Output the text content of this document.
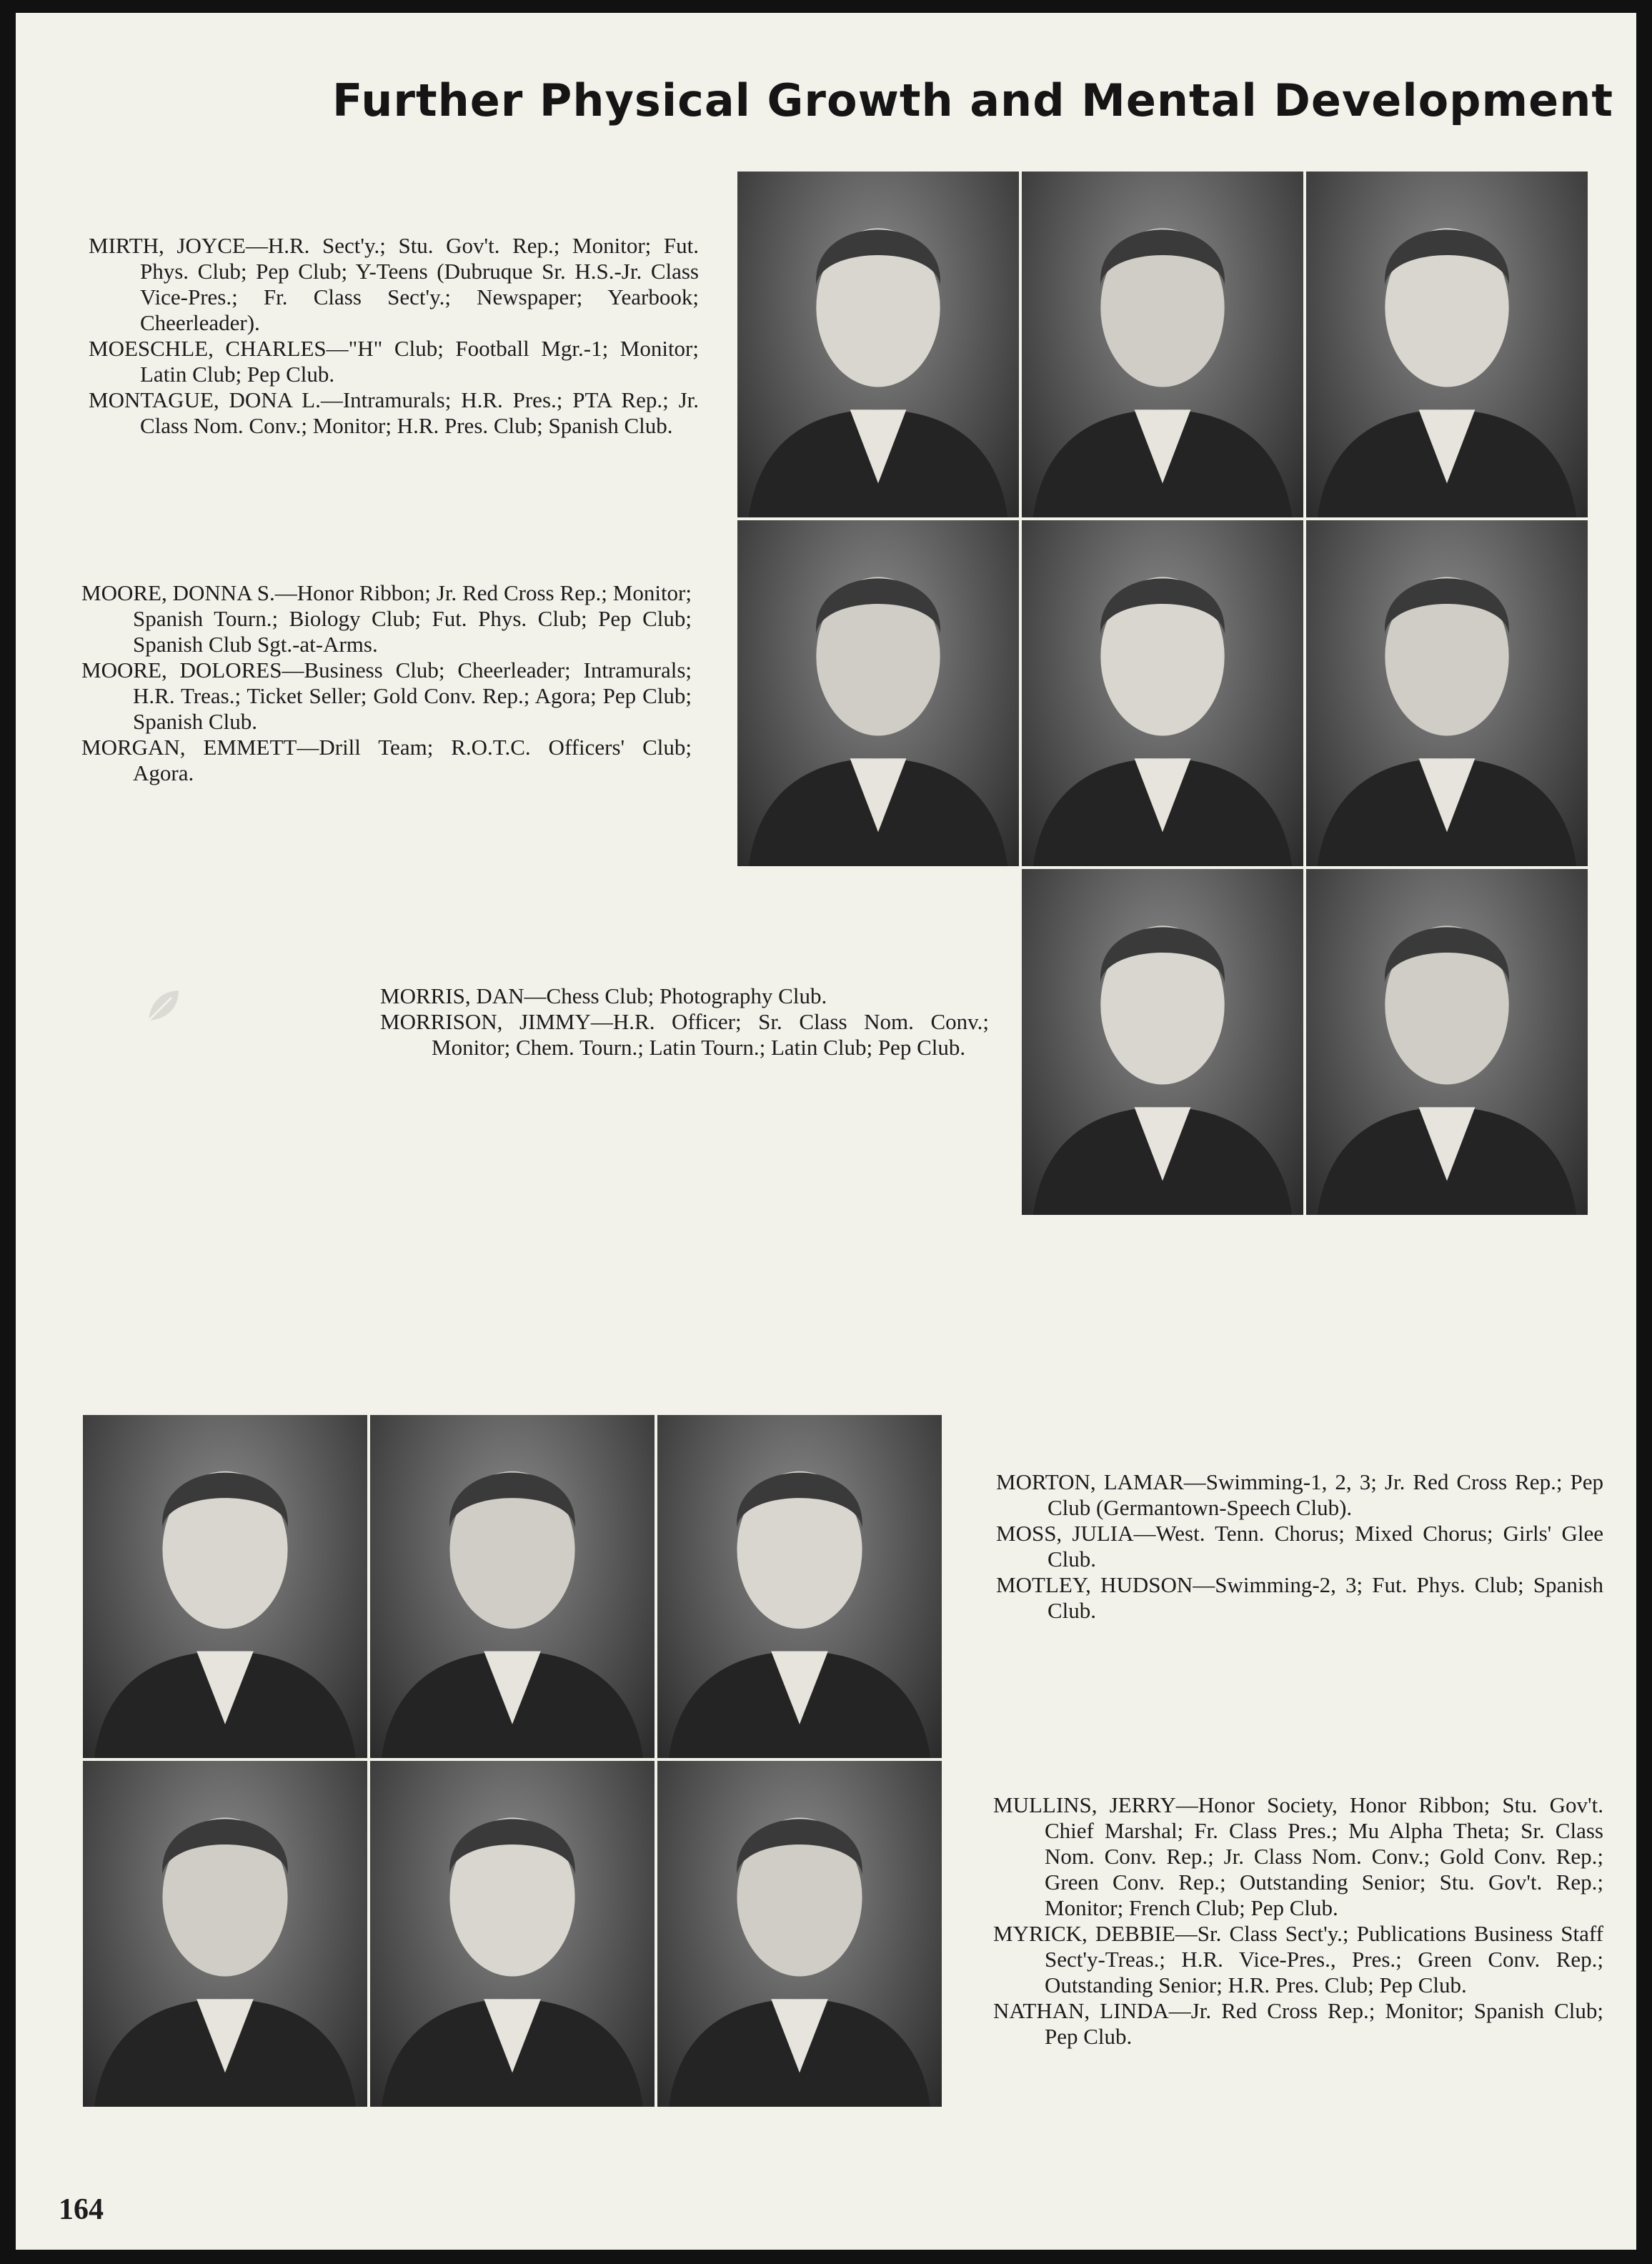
Further Physical Growth and Mental Development

MIRTH, JOYCE—H.R. Sect'y.; Stu. Gov't. Rep.; Monitor; Fut. Phys. Club; Pep Club; Y-Teens (Dubruque Sr. H.S.-Jr. Class Vice-Pres.; Fr. Class Sect'y.; Newspaper; Yearbook; Cheerleader).

MOESCHLE, CHARLES—"H" Club; Football Mgr.-1; Monitor; Latin Club; Pep Club.

MONTAGUE, DONA L.—Intramurals; H.R. Pres.; PTA Rep.; Jr. Class Nom. Conv.; Monitor; H.R. Pres. Club; Spanish Club.

MOORE, DONNA S.—Honor Ribbon; Jr. Red Cross Rep.; Monitor; Spanish Tourn.; Biology Club; Fut. Phys. Club; Pep Club; Spanish Club Sgt.-at-Arms.

MOORE, DOLORES—Business Club; Cheerleader; Intramurals; H.R. Treas.; Ticket Seller; Gold Conv. Rep.; Agora; Pep Club; Spanish Club.

MORGAN, EMMETT—Drill Team; R.O.T.C. Officers' Club; Agora.

MORRIS, DAN—Chess Club; Photography Club.

MORRISON, JIMMY—H.R. Officer; Sr. Class Nom. Conv.; Monitor; Chem. Tourn.; Latin Tourn.; Latin Club; Pep Club.

MORTON, LAMAR—Swimming-1, 2, 3; Jr. Red Cross Rep.; Pep Club (Germantown-Speech Club).

MOSS, JULIA—West. Tenn. Chorus; Mixed Chorus; Girls' Glee Club.

MOTLEY, HUDSON—Swimming-2, 3; Fut. Phys. Club; Spanish Club.

MULLINS, JERRY—Honor Society, Honor Ribbon; Stu. Gov't. Chief Marshal; Fr. Class Pres.; Mu Alpha Theta; Sr. Class Nom. Conv. Rep.; Jr. Class Nom. Conv.; Gold Conv. Rep.; Green Conv. Rep.; Outstanding Senior; Stu. Gov't. Rep.; Monitor; French Club; Pep Club.

MYRICK, DEBBIE—Sr. Class Sect'y.; Publications Business Staff Sect'y-Treas.; H.R. Vice-Pres., Pres.; Green Conv. Rep.; Outstanding Senior; H.R. Pres. Club; Pep Club.

NATHAN, LINDA—Jr. Red Cross Rep.; Monitor; Spanish Club; Pep Club.

164
